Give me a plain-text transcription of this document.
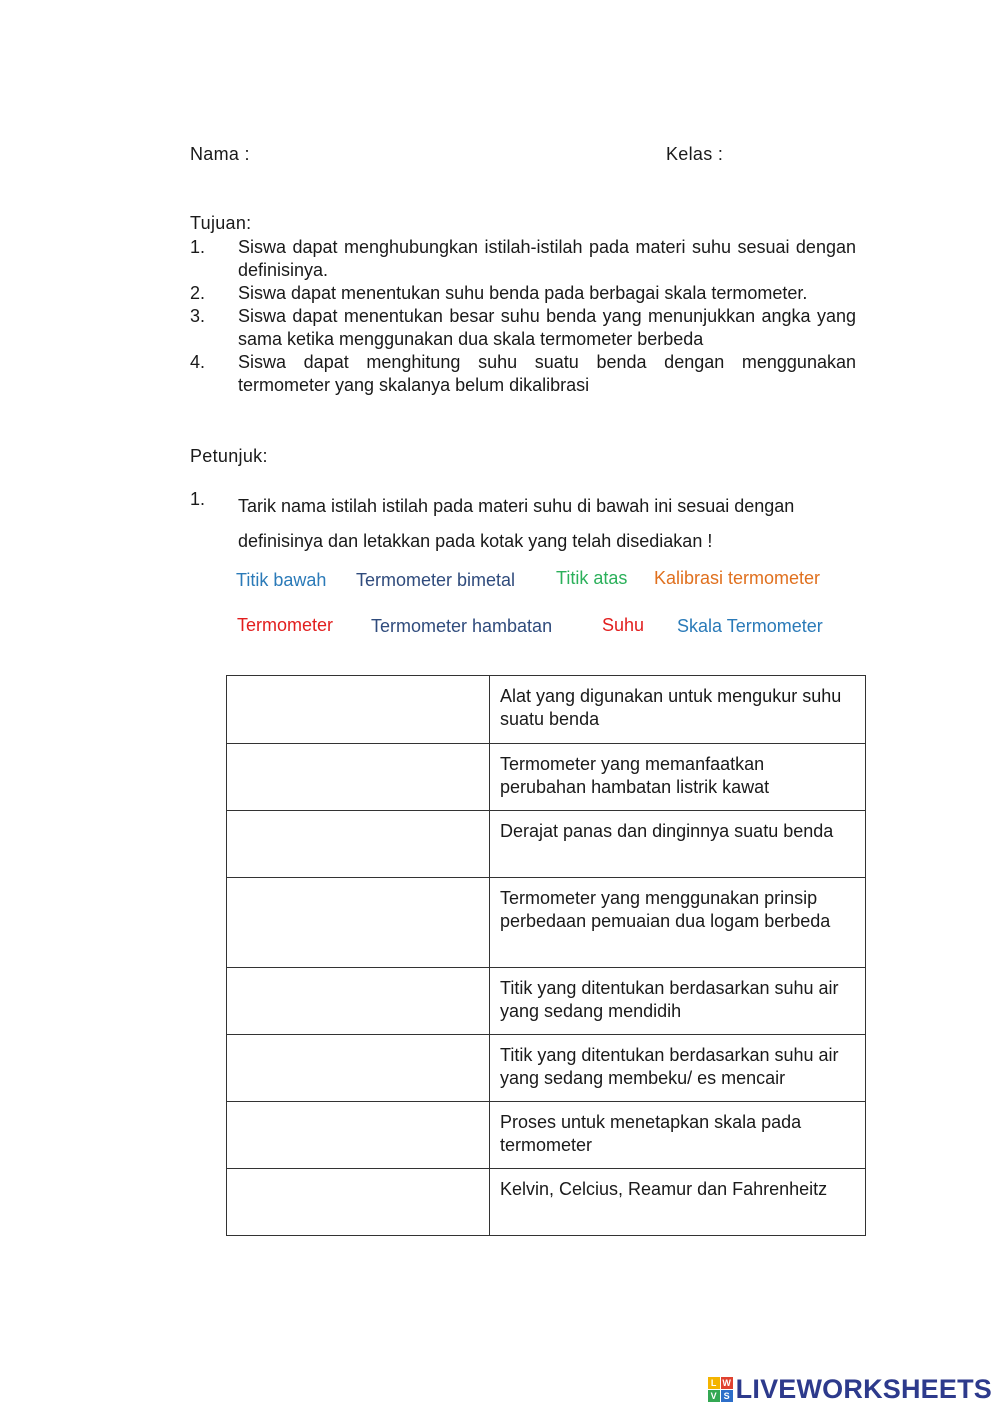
Nama :	Kelas :
Tujuan:
1. Siswa dapat menghubungkan istilah-istilah pada materi suhu sesuai dengan definisinya.
2. Siswa dapat menentukan suhu benda pada berbagai skala termometer.
3. Siswa dapat menentukan besar suhu benda yang menunjukkan angka yang sama ketika menggunakan dua skala termometer berbeda
4. Siswa dapat menghitung suhu suatu benda dengan menggunakan termometer yang skalanya belum dikalibrasi
Petunjuk:
1. Tarik nama istilah istilah pada materi suhu di bawah ini sesuai dengan
definisinya dan letakkan pada kotak yang telah disediakan !
Titik bawah Termometer bimetal Titik atas Kalibrasi termometer
Termometer Termometer hambatan	Suhu Skala Termometer
	Alat yang digunakan untuk mengukur suhu suatu benda
	Termometer yang memanfaatkan perubahan hambatan listrik kawat
	Derajat panas dan dinginnya suatu benda
	Termometer yang menggunakan prinsip perbedaan pemuaian dua logam berbeda
	Titik yang ditentukan berdasarkan suhu air yang sedang mendidih
	Titik yang ditentukan berdasarkan suhu air yang sedang membeku/ es mencair
	Proses untuk menetapkan skala pada termometer
	Kelvin, Celcius, Reamur dan Fahrenheitz
L W
V S LIVEWORKSHEETS
